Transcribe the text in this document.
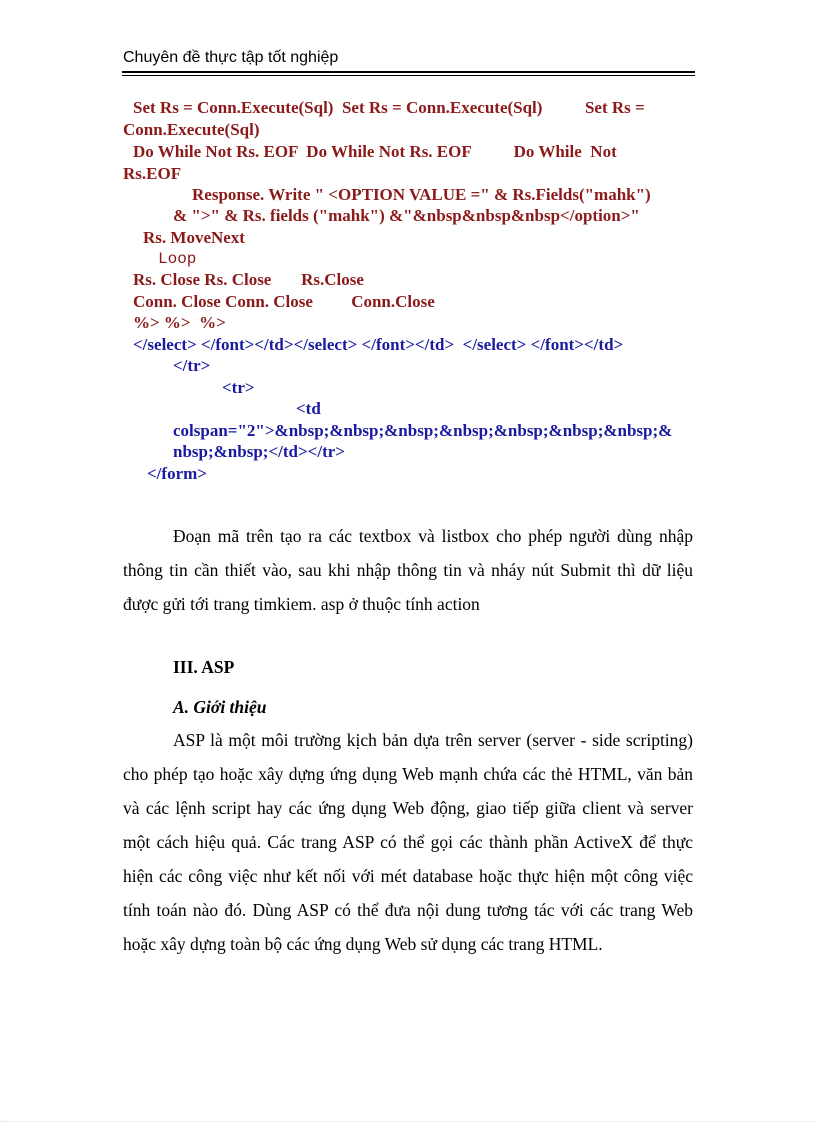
Chuyên đề thực tập tốt nghiệp
Set Rs = Conn.Execute(Sql)  Set Rs = Conn.Execute(Sql)          Set Rs =
Conn.Execute(Sql)
Do While Not Rs. EOF  Do While Not Rs. EOF          Do While  Not
Rs.EOF
Response. Write " <OPTION VALUE =" & Rs.Fields("mahk")
& ">" & Rs. fields ("mahk") &"&nbsp&nbsp&nbsp</option>"
Rs. MoveNext
Loop
Rs. Close Rs. Close       Rs.Close
Conn. Close Conn. Close         Conn.Close
%> %>  %>
</select> </font></td></select> </font></td>  </select> </font></td>
</tr>
<tr>
<td
colspan="2">&nbsp;&nbsp;&nbsp;&nbsp;&nbsp;&nbsp;&nbsp;&
nbsp;&nbsp;</td></tr>
</form>

Đoạn mã trên tạo ra các textbox và listbox cho phép người dùng nhập thông tin cần thiết vào, sau khi nhập thông tin và nháy nút Submit thì dữ liệu được gửi tới trang timkiem. asp ở thuộc tính action

III. ASP
A. Giới thiệu

ASP là một môi trường kịch bản dựa trên server (server - side scripting) cho phép tạo hoặc xây dựng ứng dụng Web mạnh chứa các thẻ HTML, văn bản và các lệnh script hay các ứng dụng Web động, giao tiếp giữa client và server một cách hiệu quả. Các trang ASP có thể gọi các thành phần ActiveX để thực hiện các công việc như kết nối với mét database hoặc thực hiện một công việc tính toán nào đó. Dùng ASP có thể đưa nội dung tương tác với các trang Web hoặc xây dựng toàn bộ các ứng dụng Web sử dụng các trang HTML.
